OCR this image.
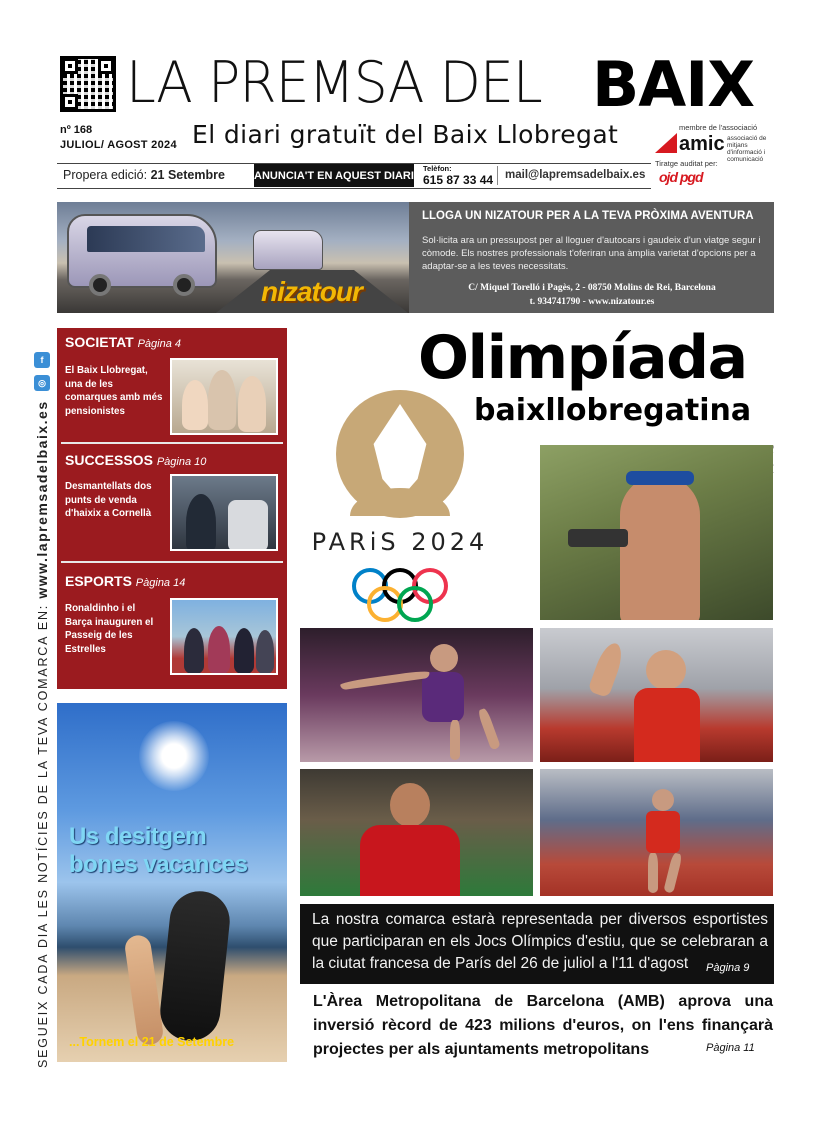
LA PREMSA DEL BAIX
nº 168
JULIOL/ AGOST 2024 El diari gratuït del Baix Llobregat	membre de l'associació
amic associació de mitjans d'informació i comunicació
Tiratge auditat per:
ojd pgd
Propera edició: 21 Setembre	ANUNCIA'T EN AQUEST DIARI
Telèfon:
615 87 33 44 mail@lapremsadelbaix.es
nizatour
LLOGA UN NIZATOUR PER A LA TEVA PRÒXIMA AVENTURA
Sol·licita ara un pressupost per al lloguer d'autocars i gaudeix d'un viatge segur i còmode. Els nostres professionals t'oferiran una àmplia varietat d'opcions per a adaptar-se a les teves necessitats.
C/ Miquel Torelló i Pagès, 2 - 08750 Molins de Rei, Barcelona
t. 934741790 - www.nizatour.es
f
◎
SEGUEIX CADA DIA LES NOTÍCIES DE LA TEVA COMARCA EN: www.lapremsadelbaix.es
SOCIETAT Pàgina 4
El Baix Llobregat, una de les comarques amb més pensionistes
SUCCESSOS Pàgina 10
Desmantellats dos punts de venda d'haixix a Cornellà
ESPORTS Pàgina 14
Ronaldinho i el Barça inauguren el Passeig de les Estrelles
Us desitgem
bones vacances
...Tornem el 21 de Setembre
Olimpíada
baixllobregatina
PARiS 2024
La nostra comarca estarà representada per diversos esportistes que participaran en els Jocs Olímpics d'estiu, que se celebraran a la ciutat francesa de París del 26 de juliol a l'11 d'agost	Pàgina 9
L'Àrea Metropolitana de Barcelona (AMB) aprova una inversió rècord de 423 milions d'euros, on l'ens finançarà projectes per als ajuntaments metropolitans	Pàgina 11
